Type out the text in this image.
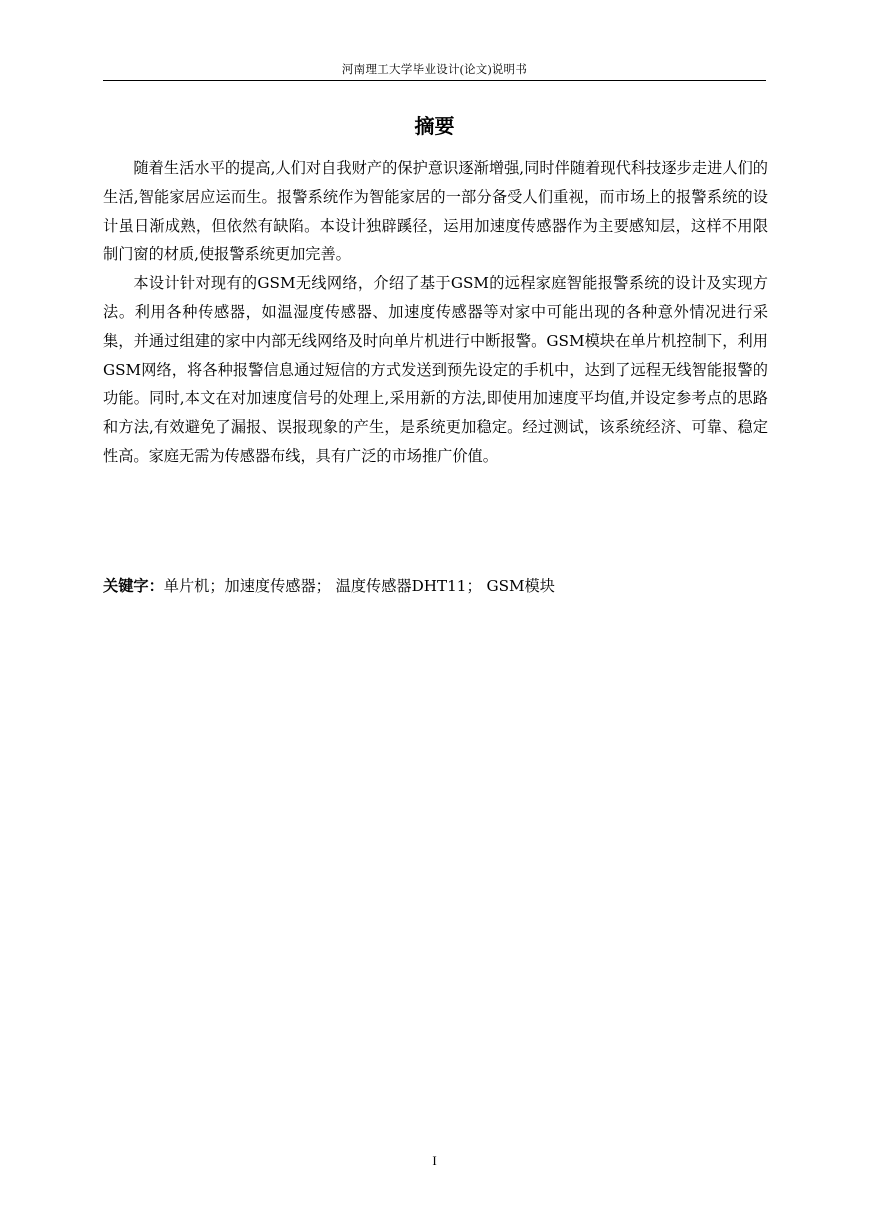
河南理工大学毕业设计(论文)说明书
摘要

随着生活水平的提高,人们对自我财产的保护意识逐渐增强,同时伴随着现代科技逐步走进人们的生活,智能家居应运而生。报警系统作为智能家居的一部分备受人们重视，而市场上的报警系统的设计虽日渐成熟，但依然有缺陷。本设计独辟蹊径，运用加速度传感器作为主要感知层，这样不用限制门窗的材质,使报警系统更加完善。

本设计针对现有的GSM无线网络，介绍了基于GSM的远程家庭智能报警系统的设计及实现方法。利用各种传感器，如温湿度传感器、加速度传感器等对家中可能出现的各种意外情况进行采集，并通过组建的家中内部无线网络及时向单片机进行中断报警。GSM模块在单片机控制下，利用GSM网络，将各种报警信息通过短信的方式发送到预先设定的手机中，达到了远程无线智能报警的功能。同时,本文在对加速度信号的处理上,采用新的方法,即使用加速度平均值,并设定参考点的思路和方法,有效避免了漏报、误报现象的产生，是系统更加稳定。经过测试，该系统经济、可靠、稳定性高。家庭无需为传感器布线，具有广泛的市场推广价值。

关键字：单片机；加速度传感器； 温度传感器DHT11； GSM模块
I
